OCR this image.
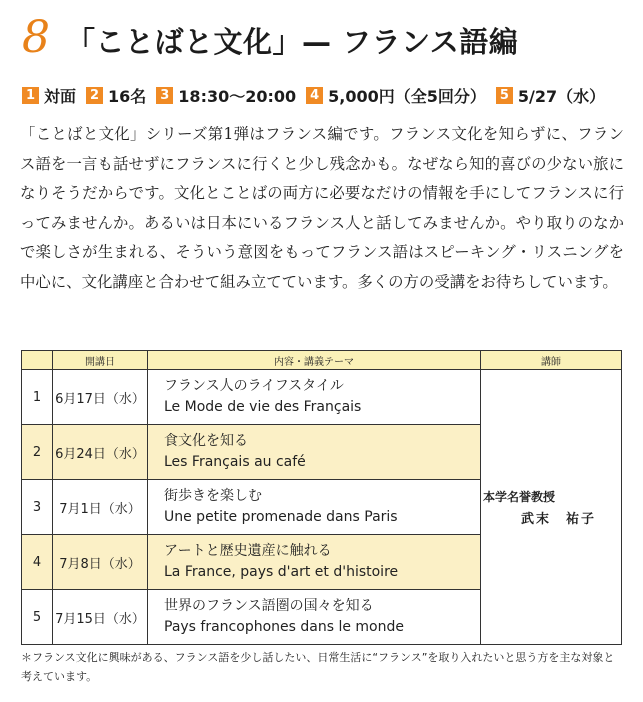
8 「ことばと文化」— フランス語編
1 対面	2 16名	3 18:30〜20:00	4 5,000円（全5回分）	5 5/27（水）

「ことばと文化」シリーズ第1弾はフランス編です。フランス文化を知らずに、フランス語を一言も話せずにフランスに行くと少し残念かも。なぜなら知的喜びの少ない旅になりそうだからです。文化とことばの両方に必要なだけの情報を手にしてフランスに行ってみませんか。あるいは日本にいるフランス人と話してみませんか。やり取りのなかで楽しさが生まれる、そういう意図をもってフランス語はスピーキング・リスニングを中心に、文化講座と合わせて組み立てています。多くの方の受講をお待ちしています。

	開講日	内容・講義テーマ	講師
1	6月17日（水）	フランス人のライフスタイル
Le Mode de vie des Français	本学名誉教授
武末　祐子

2	6月24日（水）	食文化を知る
Les Français au café	

3	7月1日（水）	街歩きを楽しむ
Une petite promenade dans Paris	

4	7月8日（水）	アートと歴史遺産に触れる
La France, pays d'art et d'histoire	

5	7月15日（水）	世界のフランス語圏の国々を知る
Pays francophones dans le monde	

＊フランス文化に興味がある、フランス語を少し話したい、日常生活に“フランス”を取り入れたいと思う方を主な対象と考えています。
